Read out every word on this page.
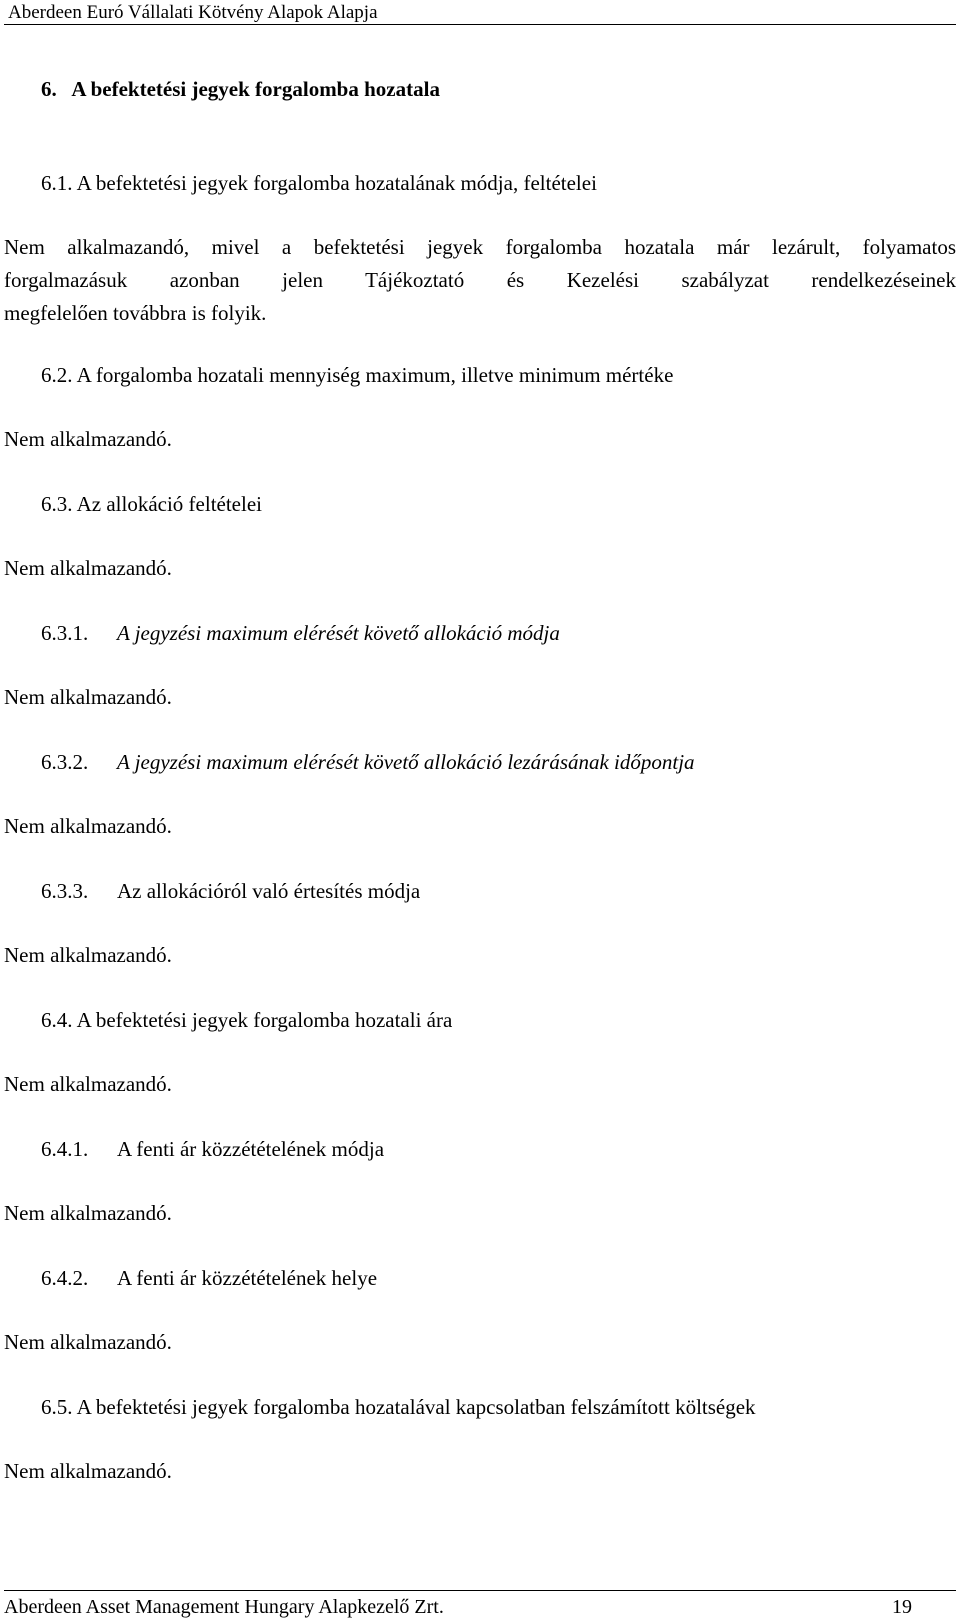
Aberdeen Euró Vállalati Kötvény Alapok Alapja
6.   A befektetési jegyek forgalomba hozatala
6.1. A befektetési jegyek forgalomba hozatalának módja, feltételei
Nem alkalmazandó, mivel a befektetési jegyek forgalomba hozatala már lezárult, folyamatos
forgalmazásuk azonban jelen Tájékoztató és Kezelési szabályzat rendelkezéseinek
megfelelően továbbra is folyik.
6.2. A forgalomba hozatali mennyiség maximum, illetve minimum mértéke
Nem alkalmazandó.
6.3. Az allokáció feltételei
Nem alkalmazandó.
6.3.1. A jegyzési maximum elérését követő allokáció módja
Nem alkalmazandó.
6.3.2. A jegyzési maximum elérését követő allokáció lezárásának időpontja
Nem alkalmazandó.
6.3.3. Az allokációról való értesítés módja
Nem alkalmazandó.
6.4. A befektetési jegyek forgalomba hozatali ára
Nem alkalmazandó.
6.4.1. A fenti ár közzétételének módja
Nem alkalmazandó.
6.4.2. A fenti ár közzétételének helye
Nem alkalmazandó.
6.5. A befektetési jegyek forgalomba hozatalával kapcsolatban felszámított költségek
Nem alkalmazandó.
Aberdeen Asset Management Hungary Alapkezelő Zrt.	19
